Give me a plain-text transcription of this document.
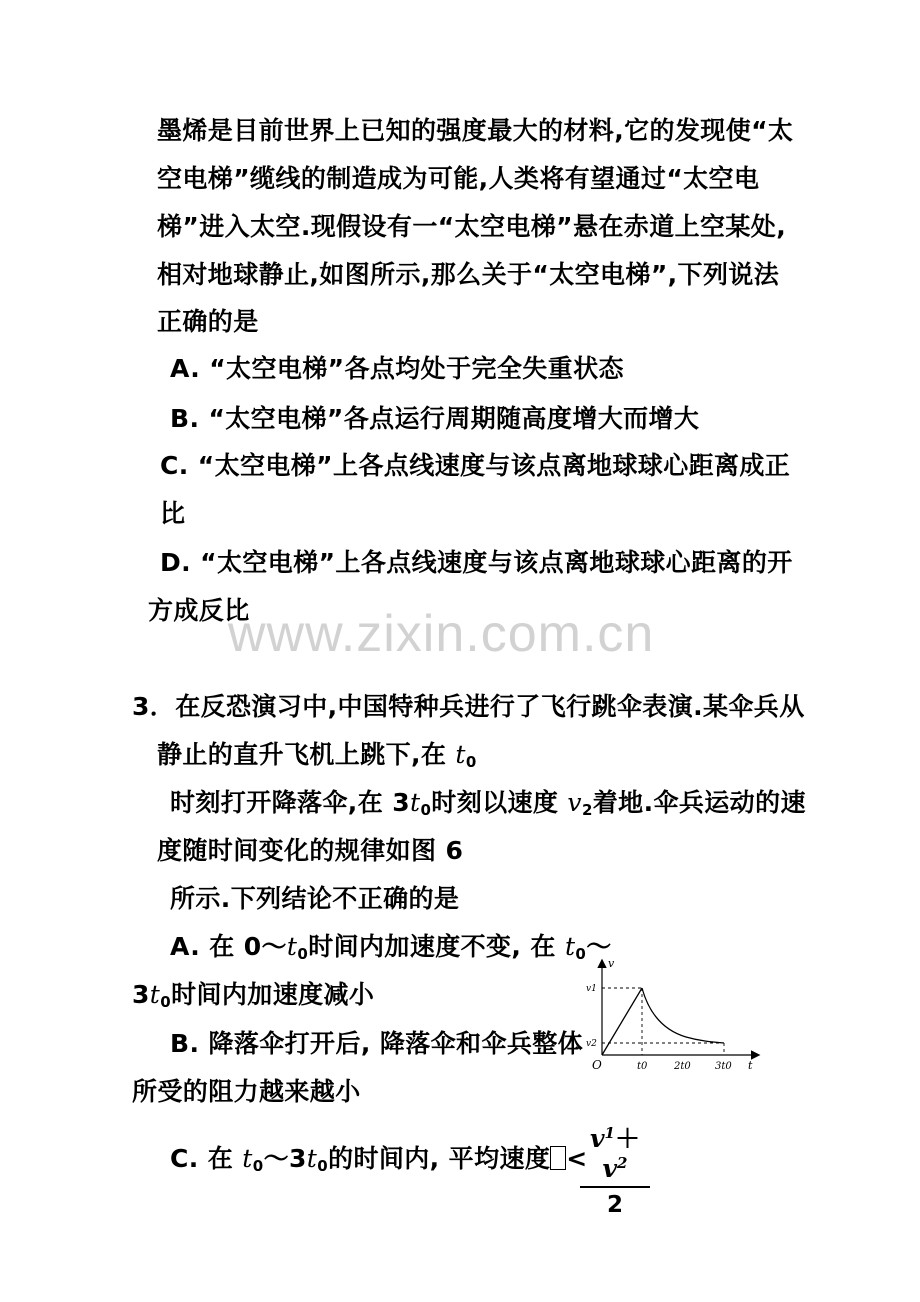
墨烯是目前世界上已知的强度最大的材料,它的发现使“太
空电梯”缆线的制造成为可能,人类将有望通过“太空电
梯”进入太空.现假设有一“太空电梯”悬在赤道上空某处,
相对地球静止,如图所示,那么关于“太空电梯”,下列说法
正确的是
A. “太空电梯”各点均处于完全失重状态
B. “太空电梯”各点运行周期随高度增大而增大
C. “太空电梯”上各点线速度与该点离地球球心距离成正
比
D. “太空电梯”上各点线速度与该点离地球球心距离的开
方成反比
www.zixin.com.cn
3．在反恐演习中,中国特种兵进行了飞行跳伞表演.某伞兵从
静止的直升飞机上跳下,在 $t_0$
时刻打开降落伞,在 $3t_0$时刻以速度 $v_2$着地.伞兵运动的速
度随时间变化的规律如图 6
所示.下列结论不正确的是
A. 在 $0\sim t_0$时间内加速度不变, 在 $t_0\sim$
$3t_0$时间内加速度减小
B. 降落伞打开后, 降落伞和伞兵整体
所受的阻力越来越小
C. 在 $t_0\sim 3t_0$的时间内, 平均速度 <
$v^1+v^2$
2
v
t
O
v1
v2
t0	2t0 3t0
